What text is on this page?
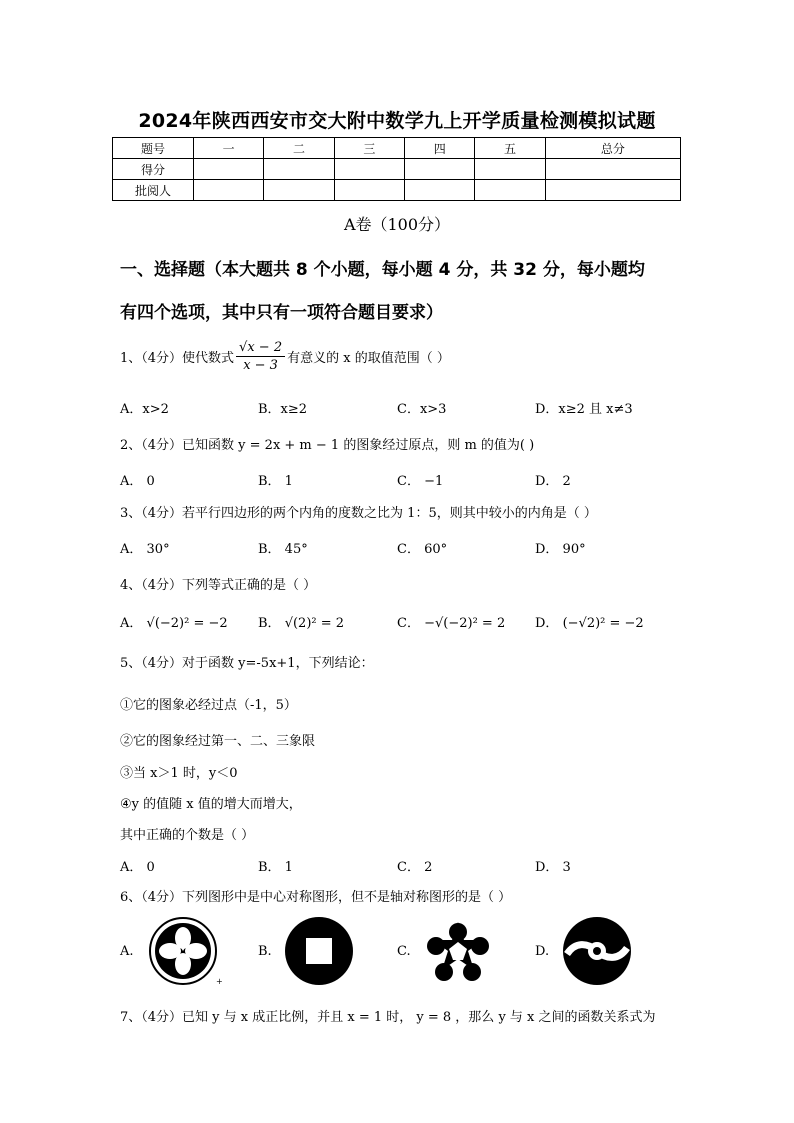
2024年陕西西安市交大附中数学九上开学质量检测模拟试题
题号	一	二	三	四	五	总分
得分						
批阅人						
A卷（100分）
一、选择题（本大题共 8 个小题，每小题 4 分，共 32 分，每小题均
有四个选项，其中只有一项符合题目要求）
1、（4分）使代数式 $\frac{√x - 2}{x - 3}$ 有意义的 x 的取值范围（ ）
A．x>2	B．x≥2	C．x>3	D．x≥2 且 x≠3
2、（4分）已知函数 y = 2x + m − 1 的图象经过原点，则 m 的值为( )
A． 0	B． 1	C． −1	D． 2
3、（4分）若平行四边形的两个内角的度数之比为 1：5，则其中较小的内角是（ ）
A． 30°	B． 45°	C． 60°	D． 90°
4、（4分）下列等式正确的是（ ）
A． √(−2)² = −2 B． √(2)² = 2	C． −√(−2)² = 2 D． (−√2)² = −2
5、（4分）对于函数 y=-5x+1，下列结论：
①它的图象必经过点（-1，5）
②它的图象经过第一、二、三象限
③当 x＞1 时，y＜0
④y 的值随 x 值的增大而增大，
其中正确的个数是（ ）
A． 0	B． 1	C． 2	D． 3
6、（4分）下列图形中是中心对称图形，但不是轴对称图形的是（ ）
A.
+
B.	C.	D.
7、（4分）已知 y 与 x 成正比例，并且 x = 1 时， y = 8 ，那么 y 与 x 之间的函数关系式为
